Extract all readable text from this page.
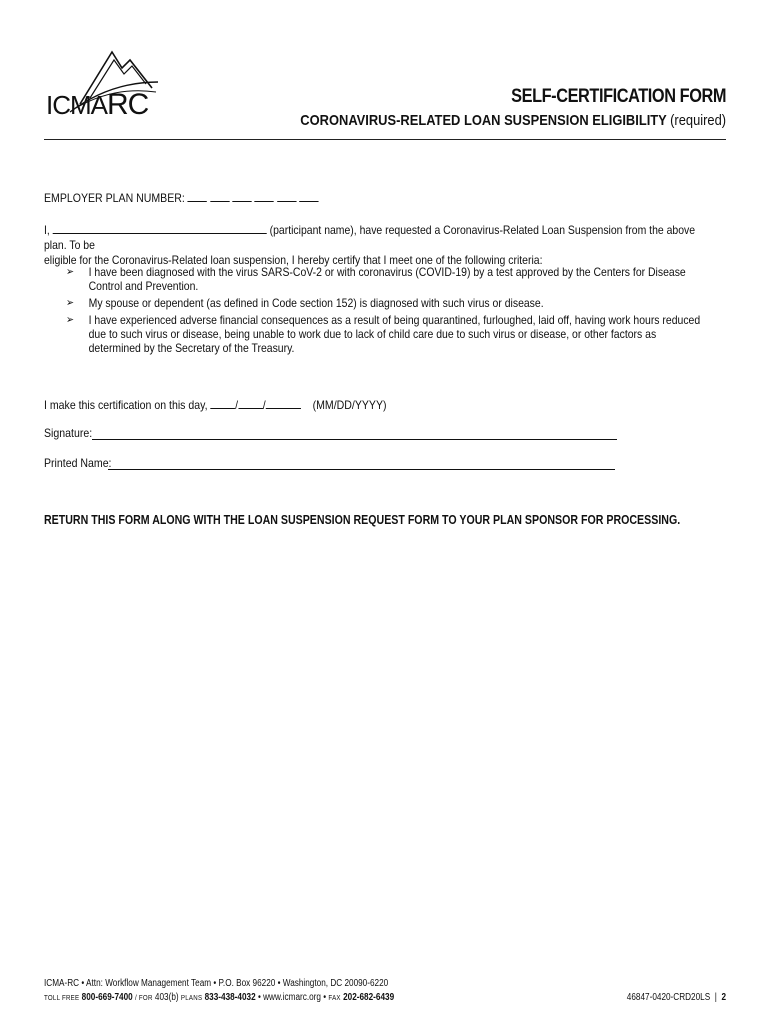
ICMARC	SELF-CERTIFICATION FORM
CORONAVIRUS-RELATED LOAN SUSPENSION ELIGIBILITY (required)
EMPLOYER PLAN NUMBER:
I,	(participant name), have requested a Coronavirus-Related Loan Suspension from the above plan. To be
eligible for the Coronavirus-Related loan suspension, I hereby certify that I meet one of the following criteria:
➢	I have been diagnosed with the virus SARS-CoV-2 or with coronavirus (COVID-19) by a test approved by the Centers for Disease Control and Prevention.
➢	My spouse or dependent (as defined in Code section 152) is diagnosed with such virus or disease.
➢	I have experienced adverse financial consequences as a result of being quarantined, furloughed, laid off, having work hours reduced due to such virus or disease, being unable to work due to lack of child care due to such virus or disease, or other factors as determined by the Secretary of the Treasury.
I make this certification on this day, / /	(MM/DD/YYYY)
Signature:
Printed Name:
RETURN THIS FORM ALONG WITH THE LOAN SUSPENSION REQUEST FORM TO YOUR PLAN SPONSOR FOR PROCESSING.
ICMA-RC • Attn: Workflow Management Team • P.O. Box 96220 • Washington, DC 20090-6220
TOLL FREE 800-669-7400 / FOR 403(b) PLANS 833-438-4032 • www.icmarc.org • FAX 202-682-6439	46847-0420-CRD20LS | 2
